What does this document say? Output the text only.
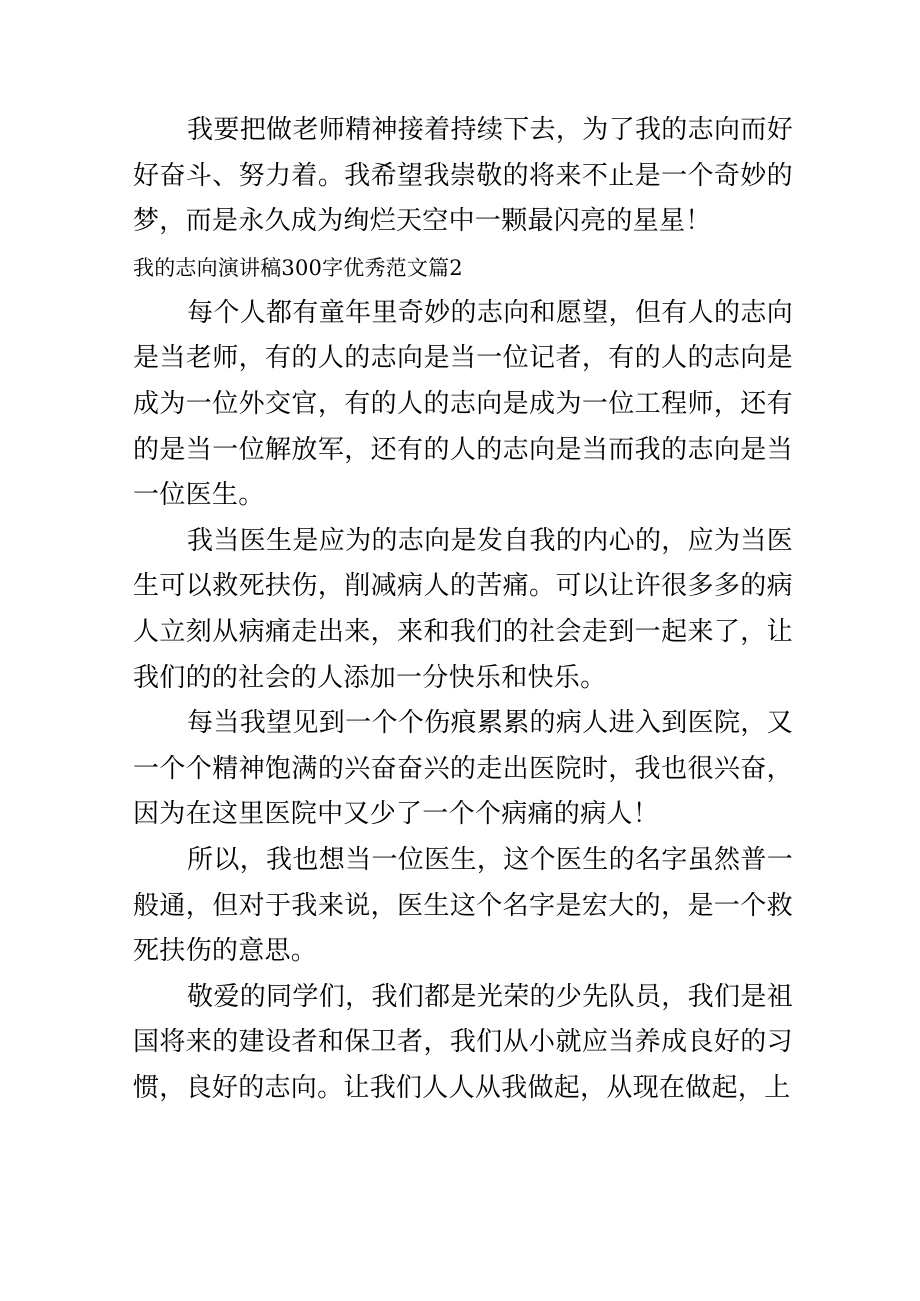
我要把做老师精神接着持续下去，为了我的志向而好好奋斗、努力着。我希望我崇敬的将来不止是一个奇妙的梦，而是永久成为绚烂天空中一颗最闪亮的星星！

我的志向演讲稿300字优秀范文篇2

每个人都有童年里奇妙的志向和愿望，但有人的志向是当老师，有的人的志向是当一位记者，有的人的志向是成为一位外交官，有的人的志向是成为一位工程师，还有的是当一位解放军，还有的人的志向是当而我的志向是当一位医生。

我当医生是应为的志向是发自我的内心的，应为当医生可以救死扶伤，削减病人的苦痛。可以让许很多多的病人立刻从病痛走出来，来和我们的社会走到一起来了，让我们的的社会的人添加一分快乐和快乐。

每当我望见到一个个伤痕累累的病人进入到医院，又一个个精神饱满的兴奋奋兴的走出医院时，我也很兴奋，因为在这里医院中又少了一个个病痛的病人！

所以，我也想当一位医生，这个医生的名字虽然普一般通，但对于我来说，医生这个名字是宏大的，是一个救死扶伤的意思。

敬爱的同学们，我们都是光荣的少先队员，我们是祖国将来的建设者和保卫者，我们从小就应当养成良好的习惯，良好的志向。让我们人人从我做起，从现在做起，上
